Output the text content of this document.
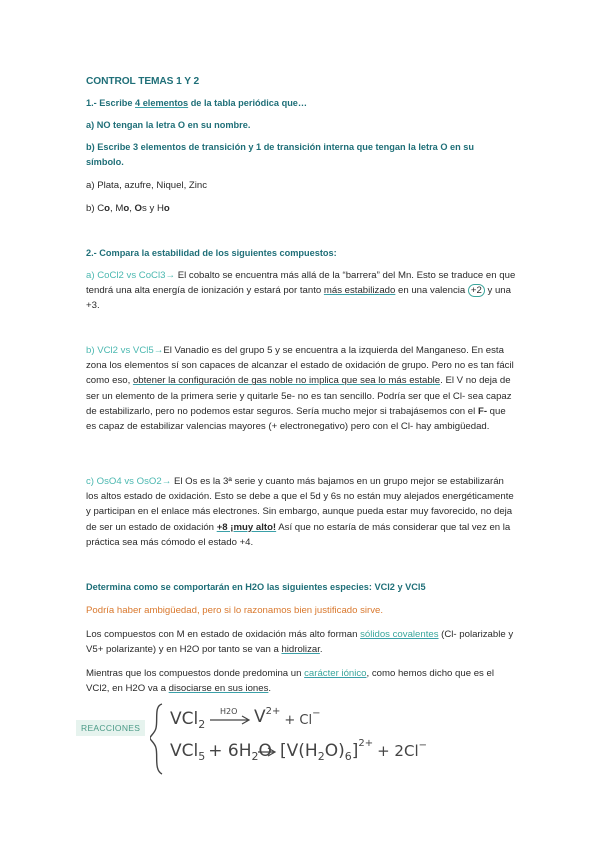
CONTROL TEMAS 1 Y 2
1.- Escribe 4 elementos de la tabla periódica que…
a) NO tengan la letra O en su nombre.
b) Escribe 3 elementos de transición y 1 de transición interna que tengan la letra O en su símbolo.
a) Plata, azufre, Niquel, Zinc
b) Co, Mo, Os y Ho
2.- Compara la estabilidad de los siguientes compuestos:
a) CoCl2 vs CoCl3→ El cobalto se encuentra más allá de la “barrera” del Mn. Esto se traduce en que tendrá una alta energía de ionización y estará por tanto más estabilizado en una valencia +2 y una +3.
b) VCl2 vs VCl5→El Vanadio es del grupo 5 y se encuentra a la izquierda del Manganeso. En esta zona los elementos sí son capaces de alcanzar el estado de oxidación de grupo. Pero no es tan fácil como eso, obtener la configuración de gas noble no implica que sea lo más estable. El V no deja de ser un elemento de la primera serie y quitarle 5e- no es tan sencillo. Podría ser que el Cl- sea capaz de estabilizarlo, pero no podemos estar seguros. Sería mucho mejor si trabajásemos con el F- que es capaz de estabilizar valencias mayores (+ electronegativo) pero con el Cl- hay ambigüedad.
c) OsO4 vs OsO2→ El Os es la 3ª serie y cuanto más bajamos en un grupo mejor se estabilizarán los altos estado de oxidación. Esto se debe a que el 5d y 6s no están muy alejados energéticamente y participan en el enlace más electrones. Sin embargo, aunque pueda estar muy favorecido, no deja de ser un estado de oxidación +8 ¡muy alto! Así que no estaría de más considerar que tal vez en la práctica sea más cómodo el estado +4.
Determina como se comportarán en H2O las siguientes especies: VCl2 y VCl5
Podría haber ambigüedad, pero si lo razonamos bien justificado sirve.
Los compuestos con M en estado de oxidación más alto forman sólidos covalentes (Cl- polarizable y V5+ polarizante) y en H2O por tanto se van a hidrolizar.
Mientras que los compuestos donde predomina un carácter iónico, como hemos dicho que es el VCl2, en H2O va a disociarse en sus iones.
REACCIONES VCl$_2$
H2O $V^{2+}_{+ Cl}^-$
$VCl_5 + 6H_2O$ $[V(H_2O)_6]^{2+} + 2Cl^-$
